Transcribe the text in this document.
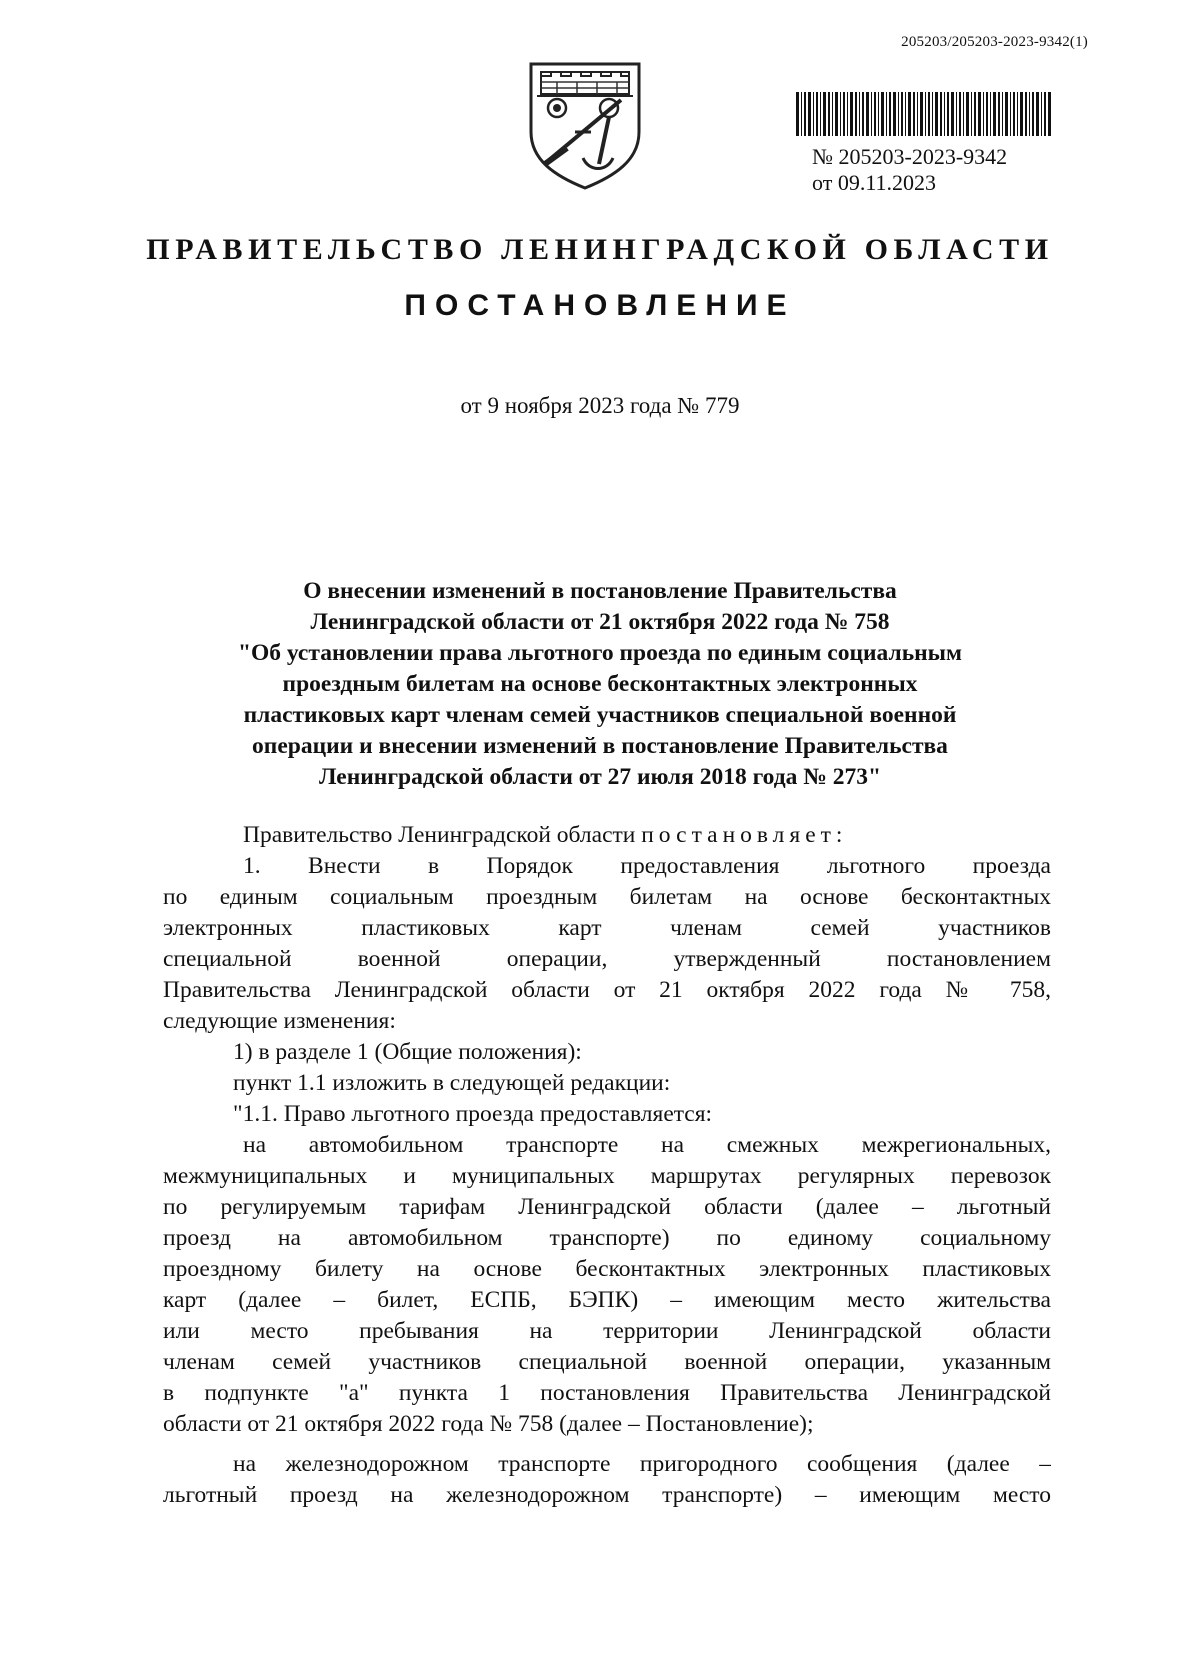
205203/205203-2023-9342(1)
№ 205203-2023-9342
от 09.11.2023
ПРАВИТЕЛЬСТВО ЛЕНИНГРАДСКОЙ ОБЛАСТИ
ПОСТАНОВЛЕНИЕ
от 9 ноября 2023 года № 779
О внесении изменений в постановление Правительства
Ленинградской области от 21 октября 2022 года № 758
"Об установлении права льготного проезда по единым социальным
проездным билетам на основе бесконтактных электронных
пластиковых карт членам семей участников специальной военной
операции и внесении изменений в постановление Правительства
Ленинградской области от 27 июля 2018 года № 273"
Правительство Ленинградской области постановляет:
1. Внести в Порядок предоставления льготного проезда
по единым социальным проездным билетам на основе бесконтактных
электронных пластиковых карт членам семей участников
специальной военной операции, утвержденный постановлением
Правительства Ленинградской области от 21 октября 2022 года № 758,
следующие изменения:
1) в разделе 1 (Общие положения):
пункт 1.1 изложить в следующей редакции:
"1.1. Право льготного проезда предоставляется:
на автомобильном транспорте на смежных межрегиональных,
межмуниципальных и муниципальных маршрутах регулярных перевозок
по регулируемым тарифам Ленинградской области (далее – льготный
проезд на автомобильном транспорте) по единому социальному
проездному билету на основе бесконтактных электронных пластиковых
карт (далее – билет, ЕСПБ, БЭПК) – имеющим место жительства
или место пребывания на территории Ленинградской области
членам семей участников специальной военной операции, указанным
в подпункте "а" пункта 1 постановления Правительства Ленинградской
области от 21 октября 2022 года № 758 (далее – Постановление);
на железнодорожном транспорте пригородного сообщения (далее –
льготный проезд на железнодорожном транспорте) – имеющим место
